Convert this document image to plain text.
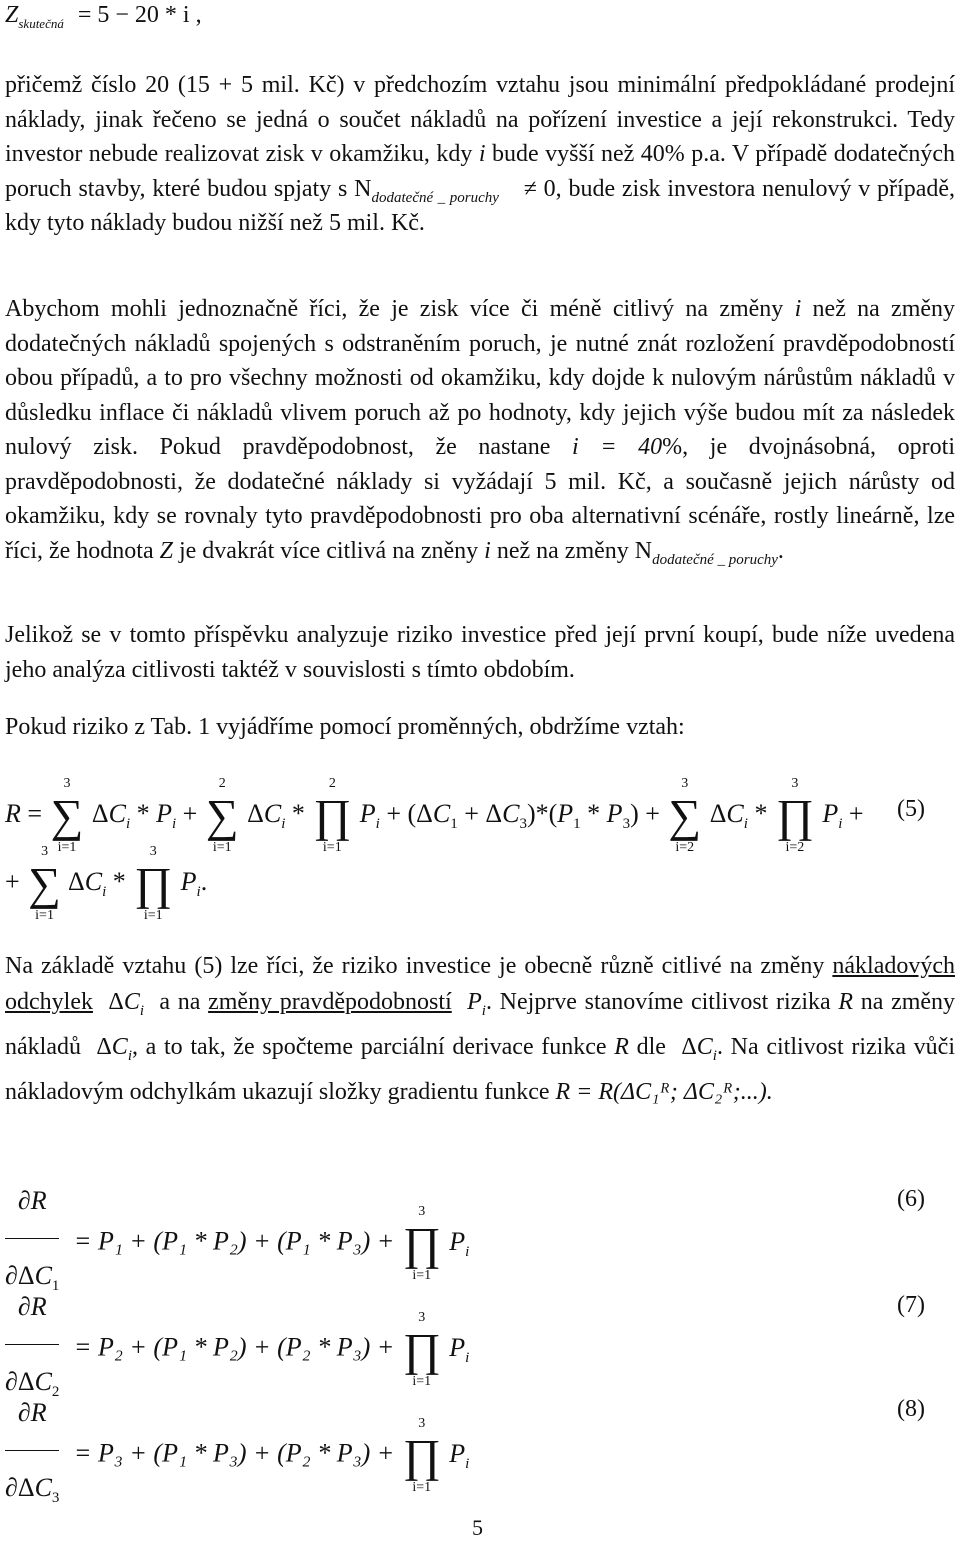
$Z_{skutečná} = 5 - 20 * i$ ,

přičemž číslo 20 (15 + 5 mil. Kč) v předchozím vztahu jsou minimální předpokládané prodejní náklady, jinak řečeno se jedná o součet nákladů na pořízení investice a její rekonstrukci. Tedy investor nebude realizovat zisk v okamžiku, kdy i bude vyšší než 40% p.a. V případě dodatečných poruch stavby, které budou spjaty s $N_{dodatečné \_ poruchy} \ne 0$, bude zisk investora nenulový v případě, kdy tyto náklady budou nižší než 5 mil. Kč.

Abychom mohli jednoznačně říci, že je zisk více či méně citlivý na změny i než na změny dodatečných nákladů spojených s odstraněním poruch, je nutné znát rozložení pravděpodobností obou případů, a to pro všechny možnosti od okamžiku, kdy dojde k nulovým nárůstům nákladů v důsledku inflace či nákladů vlivem poruch až po hodnoty, kdy jejich výše budou mít za následek nulový zisk. Pokud pravděpodobnost, že nastane i = 40%, je dvojnásobná, oproti pravděpodobnosti, že dodatečné náklady si vyžádají 5 mil. Kč, a současně jejich nárůsty od okamžiku, kdy se rovnaly tyto pravděpodobnosti pro oba alternativní scénáře, rostly lineárně, lze říci, že hodnota Z je dvakrát více citlivá na zněny i než na změny $N_{dodatečné \_ poruchy}$.

Jelikož se v tomto příspěvku analyzuje riziko investice před její první koupí, bude níže uvedena jeho analýza citlivosti taktéž v souvislosti s tímto obdobím.

Pokud riziko z Tab. 1 vyjádříme pomocí proměnných, obdržíme vztah:

R = ∑
3
i=1
$\Delta C_i * P_i$ + ∑
2
i=1
$\Delta C_i$ * ∏
2
i=1
$P_i + (\Delta C_1 + \Delta C_3)*(P_1 * P_3)$ + ∑
3
i=2
$\Delta C_i$ * ∏
3
i=2
$P_i$ +	(5)
+ ∑
3
i=1
$\Delta C_i$ * ∏
3
i=1
$P_i$.

Na základě vztahu (5) lze říci, že riziko investice je obecně různě citlivé na změny nákladových odchylek  $\Delta C_i$ a na změny pravděpodobností $P_i$. Nejprve stanovíme citlivost rizika R na změny nákladů  $\Delta C_i$, a to tak, že spočteme parciální derivace funkce R dle  $\Delta C_i$. Na citlivost rizika vůči nákladovým odchylkám ukazují složky gradientu funkce R = R(ΔC₁ᴿ; ΔC₂ᴿ;...).

$\frac{\partial R}{\partial\Delta C_1} = P_1 + (P_1 * P_2) + (P_1 * P_3)$ + ∏
3
i=1
$P_i$
(6)
$\frac{\partial R}{\partial\Delta C_2} = P_2 + (P_1 * P_2) + (P_2 * P_3)$ + ∏
3
i=1
$P_i$
(7)
$\frac{\partial R}{\partial\Delta C_3} = P_3 + (P_1 * P_3) + (P_2 * P_3)$ + ∏
3
i=1
$P_i$
(8)
5
